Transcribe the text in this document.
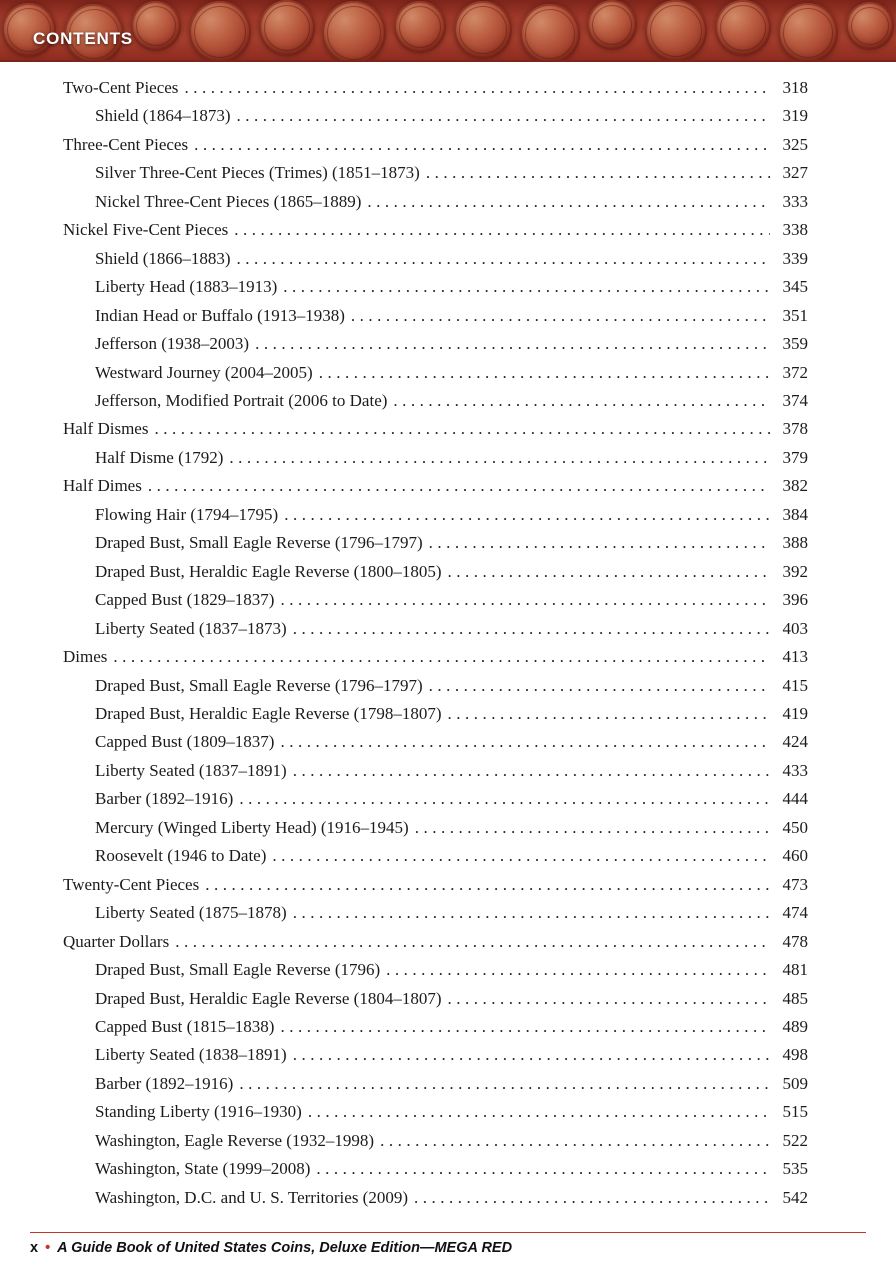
CONTENTS
Two-Cent Pieces .....	318
Shield (1864–1873) .....	319
Three-Cent Pieces .....	325
Silver Three-Cent Pieces (Trimes) (1851–1873) .....	327
Nickel Three-Cent Pieces (1865–1889) .....	333
Nickel Five-Cent Pieces .....	338
Shield (1866–1883) .....	339
Liberty Head (1883–1913) .....	345
Indian Head or Buffalo (1913–1938) .....	351
Jefferson (1938–2003) .....	359
Westward Journey (2004–2005) .....	372
Jefferson, Modified Portrait (2006 to Date) .....	374
Half Dismes .....	378
Half Disme (1792) .....	379
Half Dimes .....	382
Flowing Hair (1794–1795) .....	384
Draped Bust, Small Eagle Reverse (1796–1797) .....	388
Draped Bust, Heraldic Eagle Reverse (1800–1805) .....	392
Capped Bust (1829–1837) .....	396
Liberty Seated (1837–1873) .....	403
Dimes .....	413
Draped Bust, Small Eagle Reverse (1796–1797) .....	415
Draped Bust, Heraldic Eagle Reverse (1798–1807) .....	419
Capped Bust (1809–1837) .....	424
Liberty Seated (1837–1891) .....	433
Barber (1892–1916) .....	444
Mercury (Winged Liberty Head) (1916–1945) .....	450
Roosevelt (1946 to Date) .....	460
Twenty-Cent Pieces .....	473
Liberty Seated (1875–1878) .....	474
Quarter Dollars .....	478
Draped Bust, Small Eagle Reverse (1796) .....	481
Draped Bust, Heraldic Eagle Reverse (1804–1807) .....	485
Capped Bust (1815–1838) .....	489
Liberty Seated (1838–1891) .....	498
Barber (1892–1916) .....	509
Standing Liberty (1916–1930) .....	515
Washington, Eagle Reverse (1932–1998) .....	522
Washington, State (1999–2008) .....	535
Washington, D.C. and U. S. Territories (2009) .....	542
x • A Guide Book of United States Coins, Deluxe Edition—MEGA RED
